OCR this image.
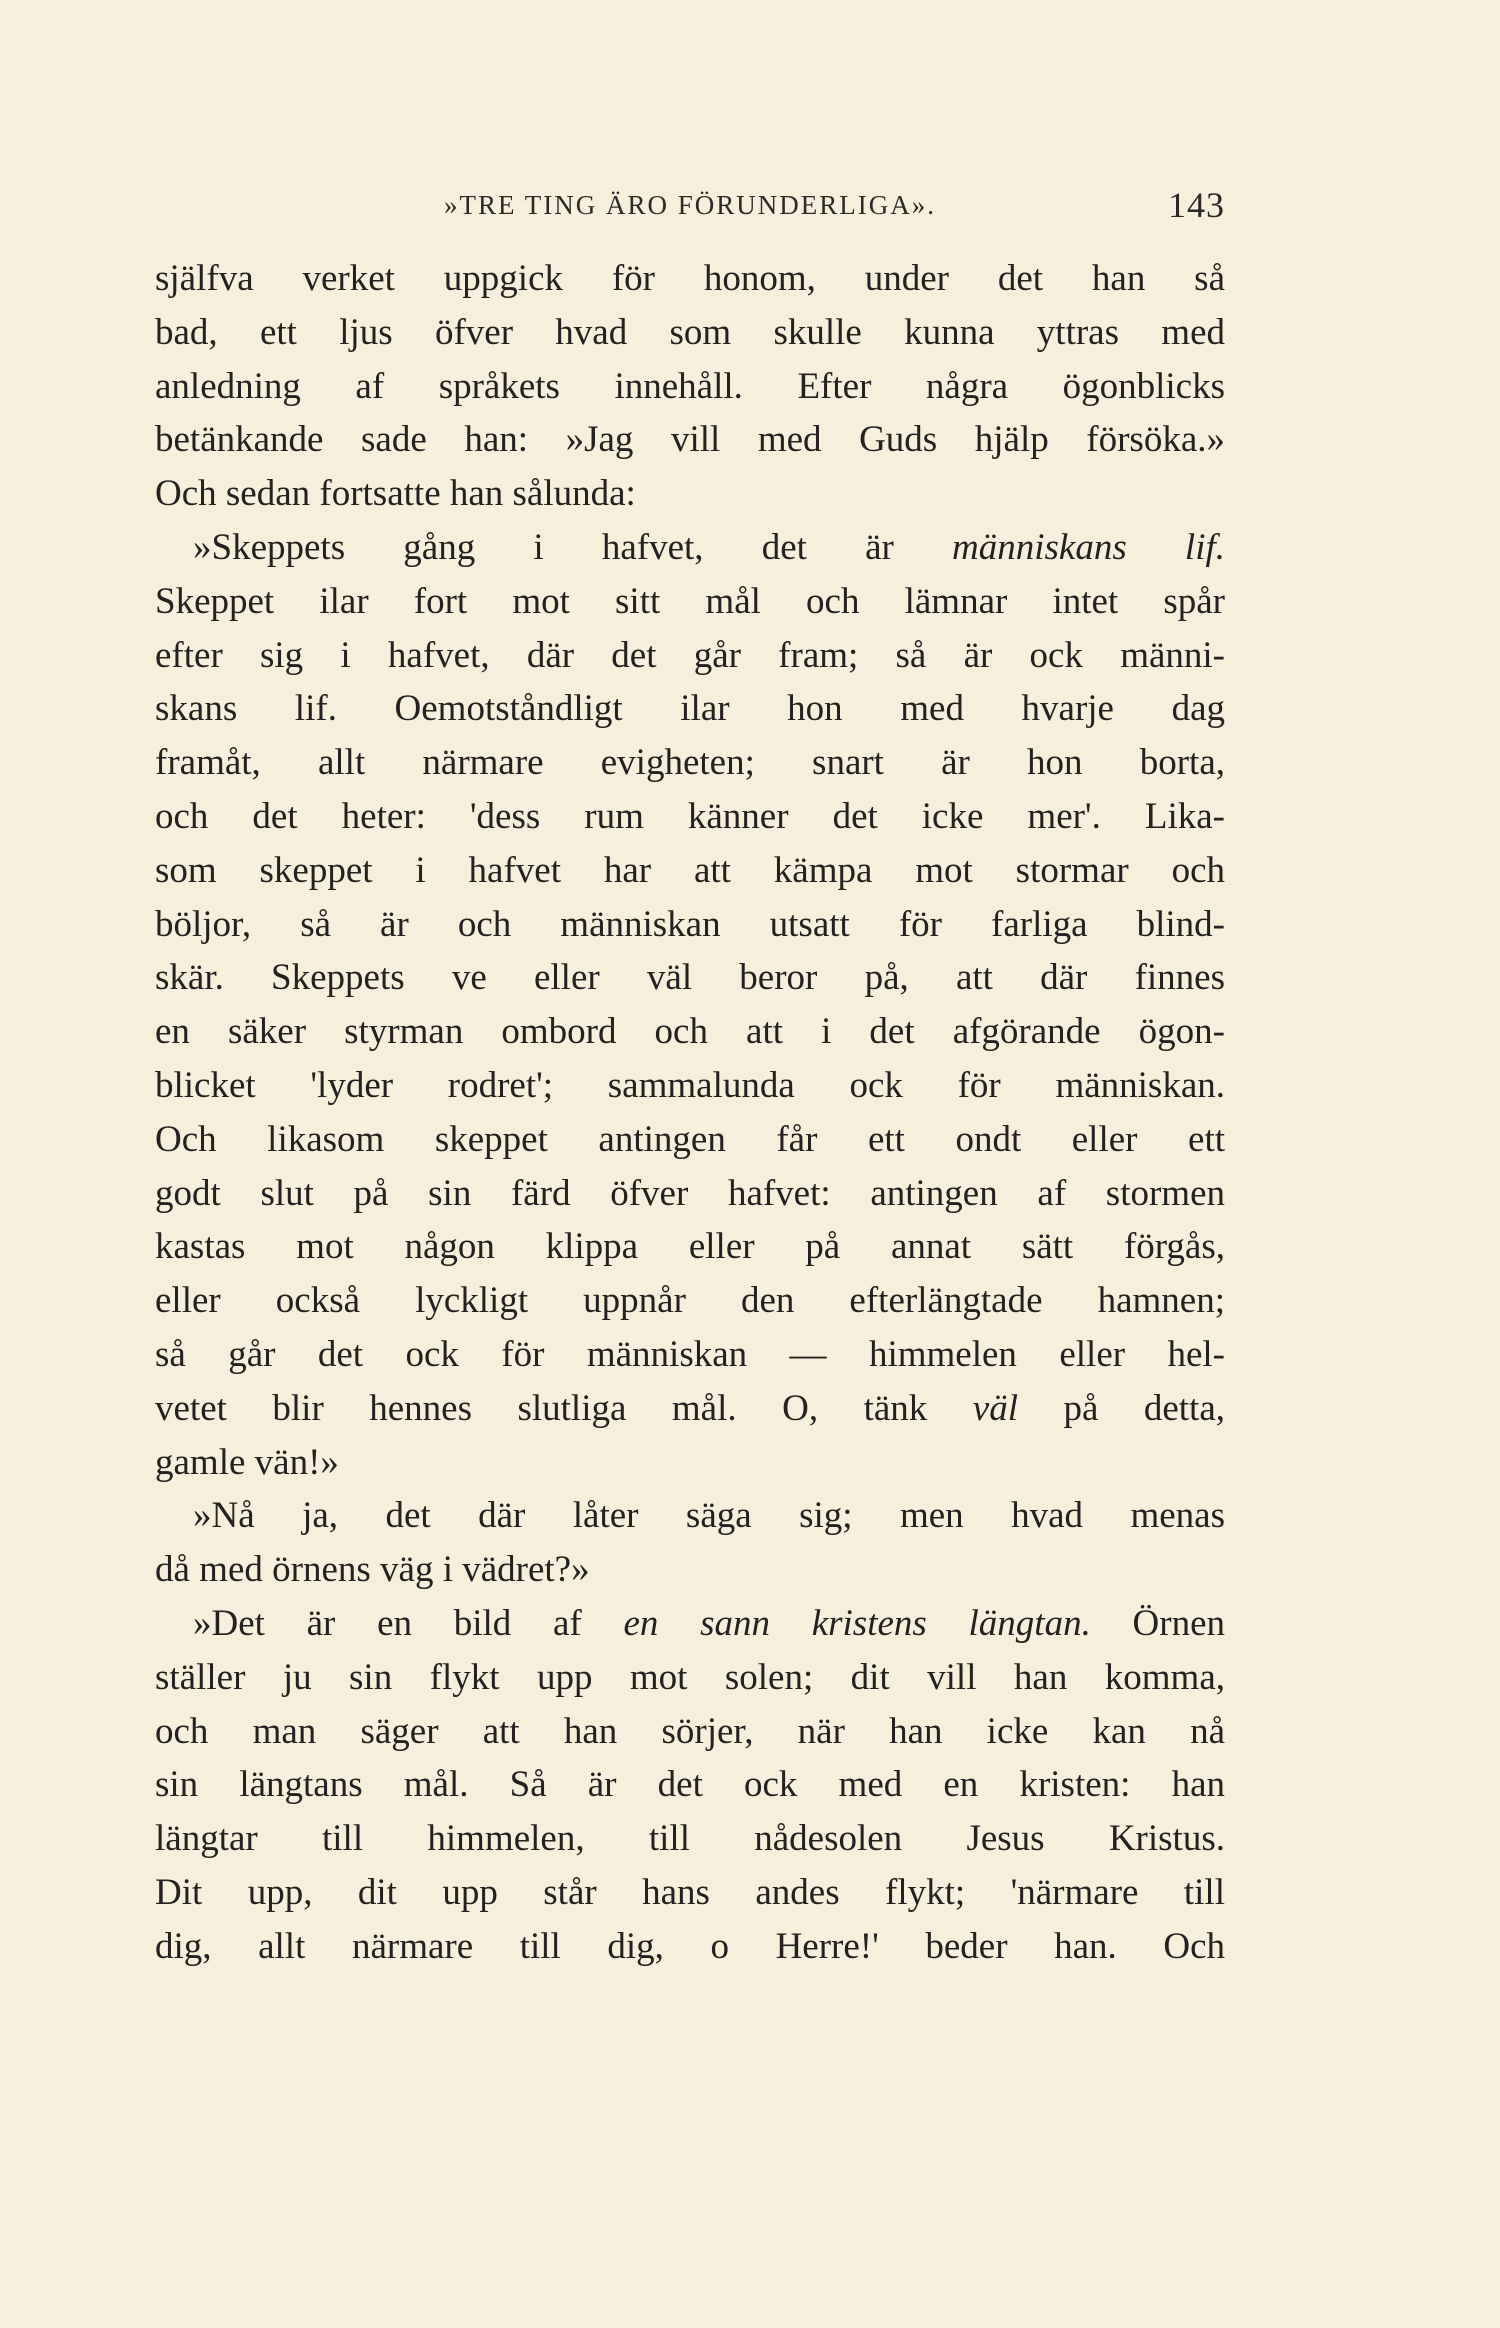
»TRE TING ÄRO FÖRUNDERLIGA».	143
själfva verket uppgick för honom, under det han så
bad, ett ljus öfver hvad som skulle kunna yttras med
anledning af språkets innehåll. Efter några ögonblicks
betänkande sade han: »Jag vill med Guds hjälp försöka.»
Och sedan fortsatte han sålunda:
»Skeppets gång i hafvet, det är människans lif.
Skeppet ilar fort mot sitt mål och lämnar intet spår
efter sig i hafvet, där det går fram; så är ock männi-
skans lif. Oemotståndligt ilar hon med hvarje dag
framåt, allt närmare evigheten; snart är hon borta,
och det heter: 'dess rum känner det icke mer'. Lika-
som skeppet i hafvet har att kämpa mot stormar och
böljor, så är och människan utsatt för farliga blind-
skär. Skeppets ve eller väl beror på, att där finnes
en säker styrman ombord och att i det afgörande ögon-
blicket 'lyder rodret'; sammalunda ock för människan.
Och likasom skeppet antingen får ett ondt eller ett
godt slut på sin färd öfver hafvet: antingen af stormen
kastas mot någon klippa eller på annat sätt förgås,
eller också lyckligt uppnår den efterlängtade hamnen;
så går det ock för människan — himmelen eller hel-
vetet blir hennes slutliga mål. O, tänk väl på detta,
gamle vän!»
»Nå ja, det där låter säga sig; men hvad menas
då med örnens väg i vädret?»
»Det är en bild af en sann kristens längtan. Örnen
ställer ju sin flykt upp mot solen; dit vill han komma,
och man säger att han sörjer, när han icke kan nå
sin längtans mål. Så är det ock med en kristen: han
längtar till himmelen, till nådesolen Jesus Kristus.
Dit upp, dit upp står hans andes flykt; 'närmare till
dig, allt närmare till dig, o Herre!' beder han. Och
